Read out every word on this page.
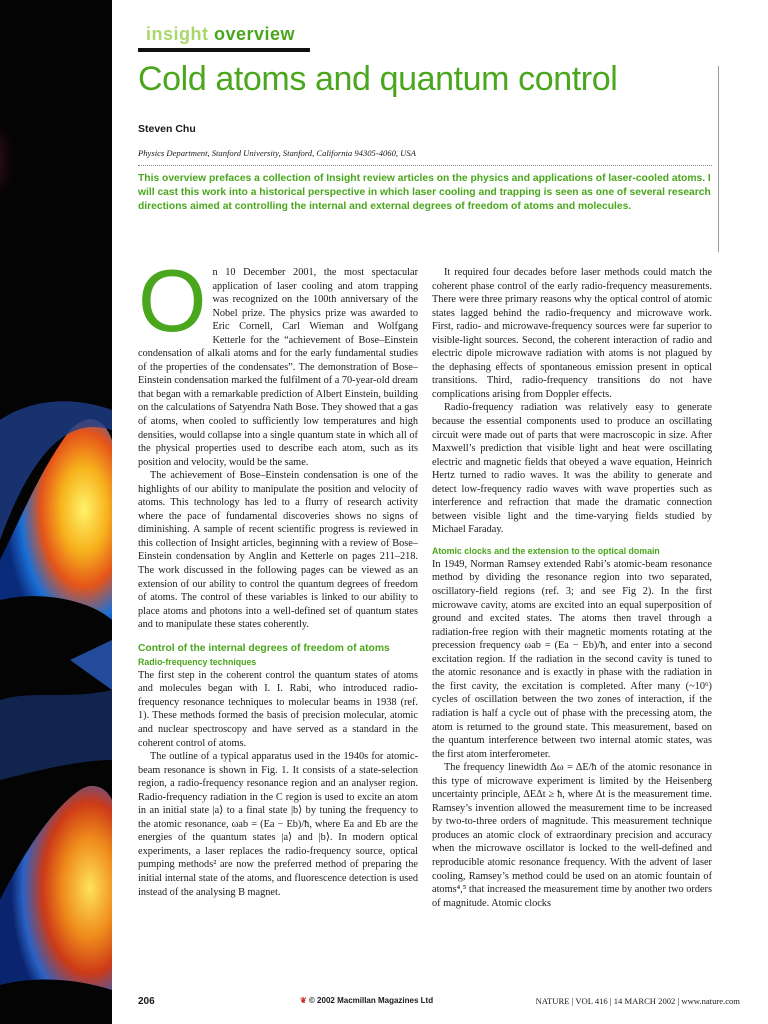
insight overview
Cold atoms and quantum control
Steven Chu
Physics Department, Stanford University, Stanford, California 94305-4060, USA
This overview prefaces a collection of Insight review articles on the physics and applications of laser-cooled atoms. I will cast this work into a historical perspective in which laser cooling and trapping is seen as one of several research directions aimed at controlling the internal and external degrees of freedom of atoms and molecules.
O n 10 December 2001, the most spectacular application of laser cooling and atom trapping was recognized on the 100th anniversary of the Nobel prize. The physics prize was awarded to Eric Cornell, Carl Wieman and Wolfgang Ketterle for the “achievement of Bose–Einstein condensation of alkali atoms and for the early fundamental studies of the properties of the condensates”. The demonstration of Bose–Einstein condensation marked the fulfilment of a 70-year-old dream that began with a remarkable prediction of Albert Einstein, building on the calculations of Satyendra Nath Bose. They showed that a gas of atoms, when cooled to sufficiently low temperatures and high densities, would collapse into a single quantum state in which all of the physical properties used to describe each atom, such as its position and velocity, would be the same.

The achievement of Bose–Einstein condensation is one of the highlights of our ability to manipulate the position and velocity of atoms. This technology has led to a flurry of research activity where the pace of fundamental discoveries shows no signs of diminishing. A sample of recent scientific progress is reviewed in this collection of Insight articles, beginning with a review of Bose–Einstein condensation by Anglin and Ketterle on pages 211–218. The work discussed in the following pages can be viewed as an extension of our ability to control the quantum degrees of freedom of atoms. The control of these variables is linked to our ability to place atoms and photons into a well-defined set of quantum states and to manipulate these states coherently.

Control of the internal degrees of freedom of atoms
Radio-frequency techniques

The first step in the coherent control the quantum states of atoms and molecules began with I. I. Rabi, who introduced radio-frequency resonance techniques to molecular beams in 1938 (ref. 1). These methods formed the basis of precision molecular, atomic and nuclear spectroscopy and have served as a standard in the coherent control of atoms.

The outline of a typical apparatus used in the 1940s for atomic-beam resonance is shown in Fig. 1. It consists of a state-selection region, a radio-frequency resonance region and an analyser region. Radio-frequency radiation in the C region is used to excite an atom in an initial state |a⟩ to a final state |b⟩ by tuning the frequency to the atomic resonance, ωab = (Ea − Eb)/ħ, where Ea and Eb are the energies of the quantum states |a⟩ and |b⟩. In modern optical experiments, a laser replaces the radio-frequency source, optical pumping methods² are now the preferred method of preparing the initial internal state of the atoms, and fluorescence detection is used instead of the analysing B magnet.

It required four decades before laser methods could match the coherent phase control of the early radio-frequency measurements. There were three primary reasons why the optical control of atomic states lagged behind the radio-frequency and microwave work. First, radio- and microwave-frequency sources were far superior to visible-light sources. Second, the coherent interaction of radio and electric dipole microwave radiation with atoms is not plagued by the dephasing effects of spontaneous emission present in optical transitions. Third, radio-frequency transitions do not have complications arising from Doppler effects.

Radio-frequency radiation was relatively easy to generate because the essential components used to produce an oscillating circuit were made out of parts that were macroscopic in size. After Maxwell’s prediction that visible light and heat were oscillating electric and magnetic fields that obeyed a wave equation, Heinrich Hertz turned to radio waves. It was the ability to generate and detect low-frequency radio waves with wave properties such as interference and refraction that made the dramatic connection between visible light and the time-varying fields studied by Michael Faraday.

Atomic clocks and the extension to the optical domain

In 1949, Norman Ramsey extended Rabi’s atomic-beam resonance method by dividing the resonance region into two separated, oscillatory-field regions (ref. 3; and see Fig 2). In the first microwave cavity, atoms are excited into an equal superposition of ground and excited states. The atoms then travel through a radiation-free region with their magnetic moments rotating at the precession frequency ωab = (Ea − Eb)/ħ, and enter into a second excitation region. If the radiation in the second cavity is tuned to the atomic resonance and is exactly in phase with the radiation in the first cavity, the excitation is completed. After many (~10⁶) cycles of oscillation between the two zones of interaction, if the radiation is half a cycle out of phase with the precessing atom, the atom is returned to the ground state. This measurement, based on the quantum interference between two internal atomic states, was the first atom interferometer.

The frequency linewidth Δω = ΔE/ħ of the atomic resonance in this type of microwave experiment is limited by the Heisenberg uncertainty principle, ΔEΔt ≥ ħ, where Δt is the measurement time. Ramsey’s invention allowed the measurement time to be increased by two-to-three orders of magnitude. This measurement technique produces an atomic clock of extraordinary precision and accuracy when the microwave oscillator is locked to the well-defined and reproducible atomic resonance frequency. With the advent of laser cooling, Ramsey’s method could be used on an atomic fountain of atoms⁴,⁵ that increased the measurement time by another two orders of magnitude. Atomic clocks

206	❦ © 2002 Macmillan Magazines Ltd	NATURE | VOL 416 | 14 MARCH 2002 | www.nature.com
